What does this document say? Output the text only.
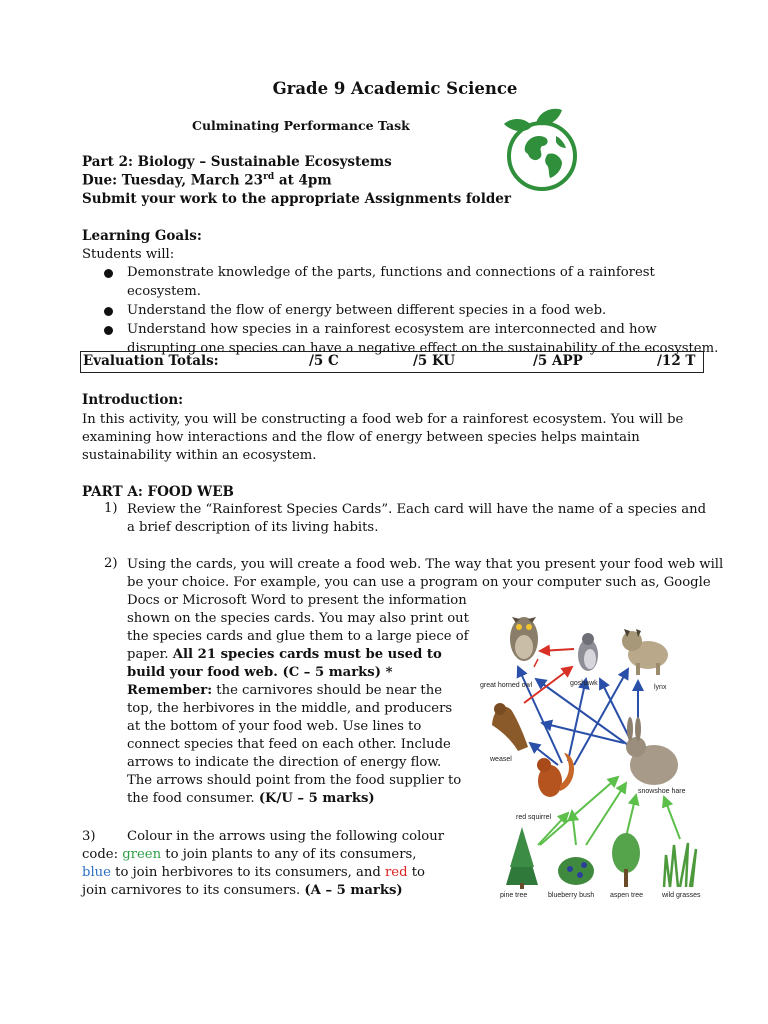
Grade 9 Academic Science
Culminating Performance Task
Part 2: Biology – Sustainable Ecosystems
Due: Tuesday, March 23rd at 4pm
Submit your work to the appropriate Assignments folder
Learning Goals:
Students will:
Demonstrate knowledge of the parts, functions and connections of a rainforest ecosystem.
Understand the flow of energy between different species in a food web.
Understand how species in a rainforest ecosystem are interconnected and how disrupting one species can have a negative effect on the sustainability of the ecosystem.
Evaluation Totals:	/5 C	/5 KU	/5 APP	/12 T
Introduction:
In this activity, you will be constructing a food web for a rainforest ecosystem. You will be examining how interactions and the flow of energy between species helps maintain sustainability within an ecosystem.
PART A: FOOD WEB
1) Review the “Rainforest Species Cards”. Each card will have the name of a species and a brief description of its living habits.
2) Using the cards, you will create a food web. The way that you present your food web will
be your choice. For example, you can use a program on your computer such as, Google
Docs or Microsoft Word to present the information
shown on the species cards. You may also print out
the species cards and glue them to a large piece of
paper. All 21 species cards must be used to build your food web. (C – 5 marks) * Remember: the carnivores should be near the top, the herbivores in the middle, and producers at the bottom of your food web. Use lines to connect species that feed on each other. Include arrows to indicate the direction of energy flow. The arrows should point from the food supplier to the food consumer. (K/U – 5 marks)
3)	Colour in the arrows using the following colour code: green to join plants to any of its consumers, blue to join herbivores to its consumers, and red to join carnivores to its consumers. (A – 5 marks)
great horned owl	goshawk
lynx
weasel
red squirrel
snowshoe hare
pine tree	blueberry bush aspen tree	wild grasses
